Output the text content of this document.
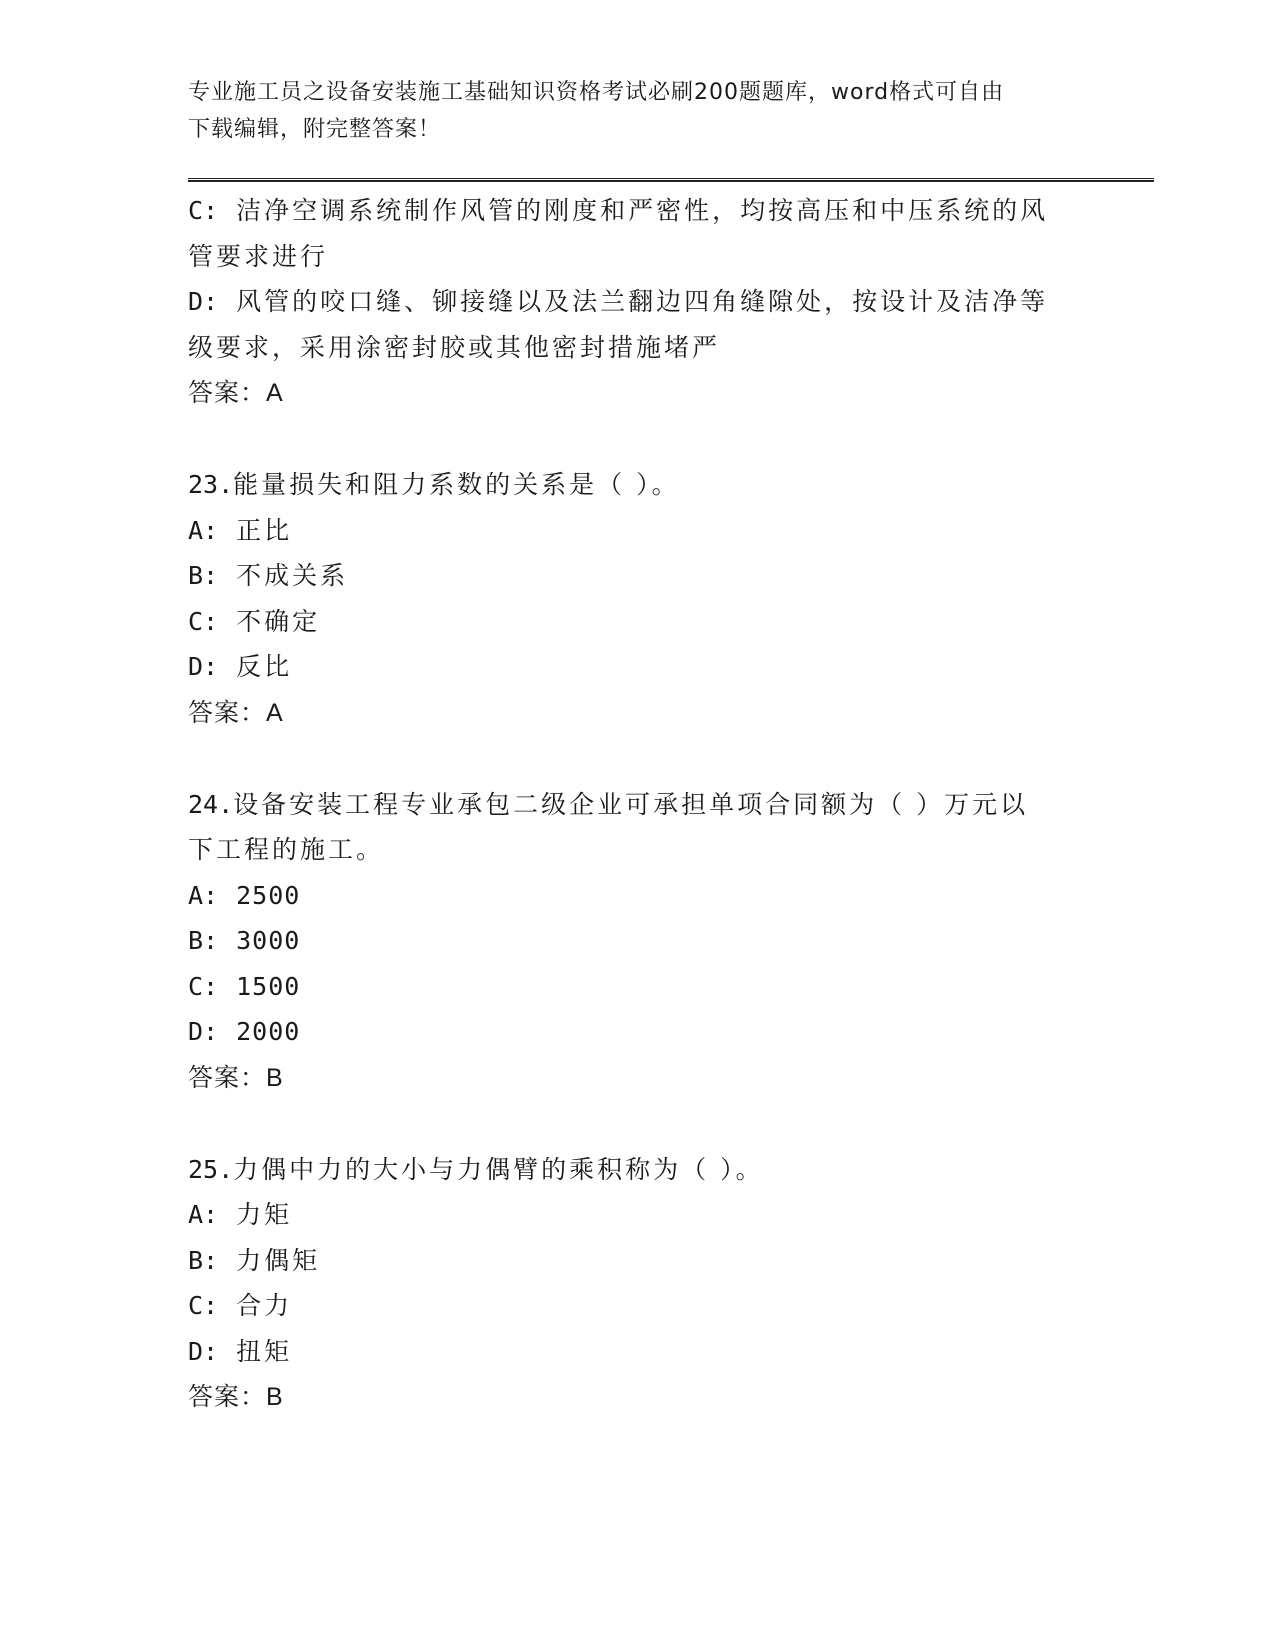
专业施工员之设备安装施工基础知识资格考试必刷200题题库，word格式可自由
下载编辑，附完整答案！
C: 洁净空调系统制作风管的刚度和严密性，均按高压和中压系统的风
管要求进行
D: 风管的咬口缝、铆接缝以及法兰翻边四角缝隙处，按设计及洁净等
级要求，采用涂密封胶或其他密封措施堵严
答案：A
23.能量损失和阻力系数的关系是（ ）。
A: 正比
B: 不成关系
C: 不确定
D: 反比
答案：A
24.设备安装工程专业承包二级企业可承担单项合同额为（ ）万元以
下工程的施工。
A: 2500
B: 3000
C: 1500
D: 2000
答案：B
25.力偶中力的大小与力偶臂的乘积称为（ ）。
A: 力矩
B: 力偶矩
C: 合力
D: 扭矩
答案：B
